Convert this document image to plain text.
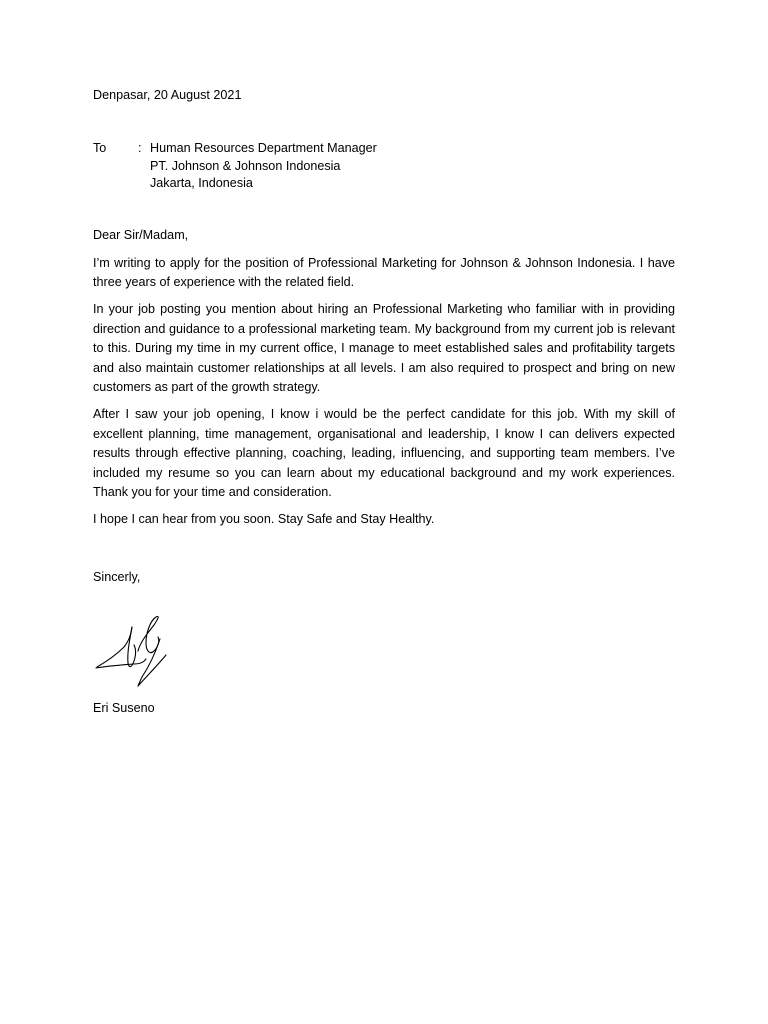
Denpasar, 20 August 2021

To	: Human Resources Department Manager
PT. Johnson & Johnson Indonesia
Jakarta, Indonesia

Dear Sir/Madam,

I’m writing to apply for the position of Professional Marketing for Johnson & Johnson Indonesia. I have three years of experience with the related field.

In your job posting you mention about hiring an Professional Marketing who familiar with in providing direction and guidance to a professional marketing team. My background from my current job is relevant to this. During my time in my current office, I manage to meet established sales and profitability targets and also maintain customer relationships at all levels. I am also required to prospect and bring on new customers as part of the growth strategy.

After I saw your job opening, I know i would be the perfect candidate for this job. With my skill of excellent planning, time management, organisational and leadership, I know I can delivers expected results through effective planning, coaching, leading, influencing, and supporting team members. I’ve included my resume so you can learn about my educational background and my work experiences. Thank you for your time and consideration.

I hope I can hear from you soon. Stay Safe and Stay Healthy.

Sincerly,

Eri Suseno
